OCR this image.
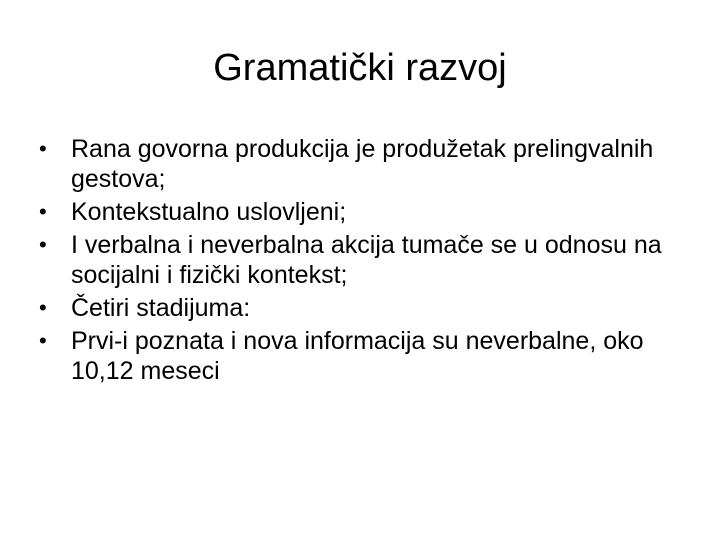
Gramatički razvoj
• Rana govorna produkcija je produžetak prelingvalnih gestova;
• Kontekstualno uslovljeni;
• I verbalna i neverbalna akcija tumače se u odnosu na socijalni i fizički kontekst;
• Četiri stadijuma:
• Prvi-i poznata i nova informacija su neverbalne, oko 10,12 meseci
